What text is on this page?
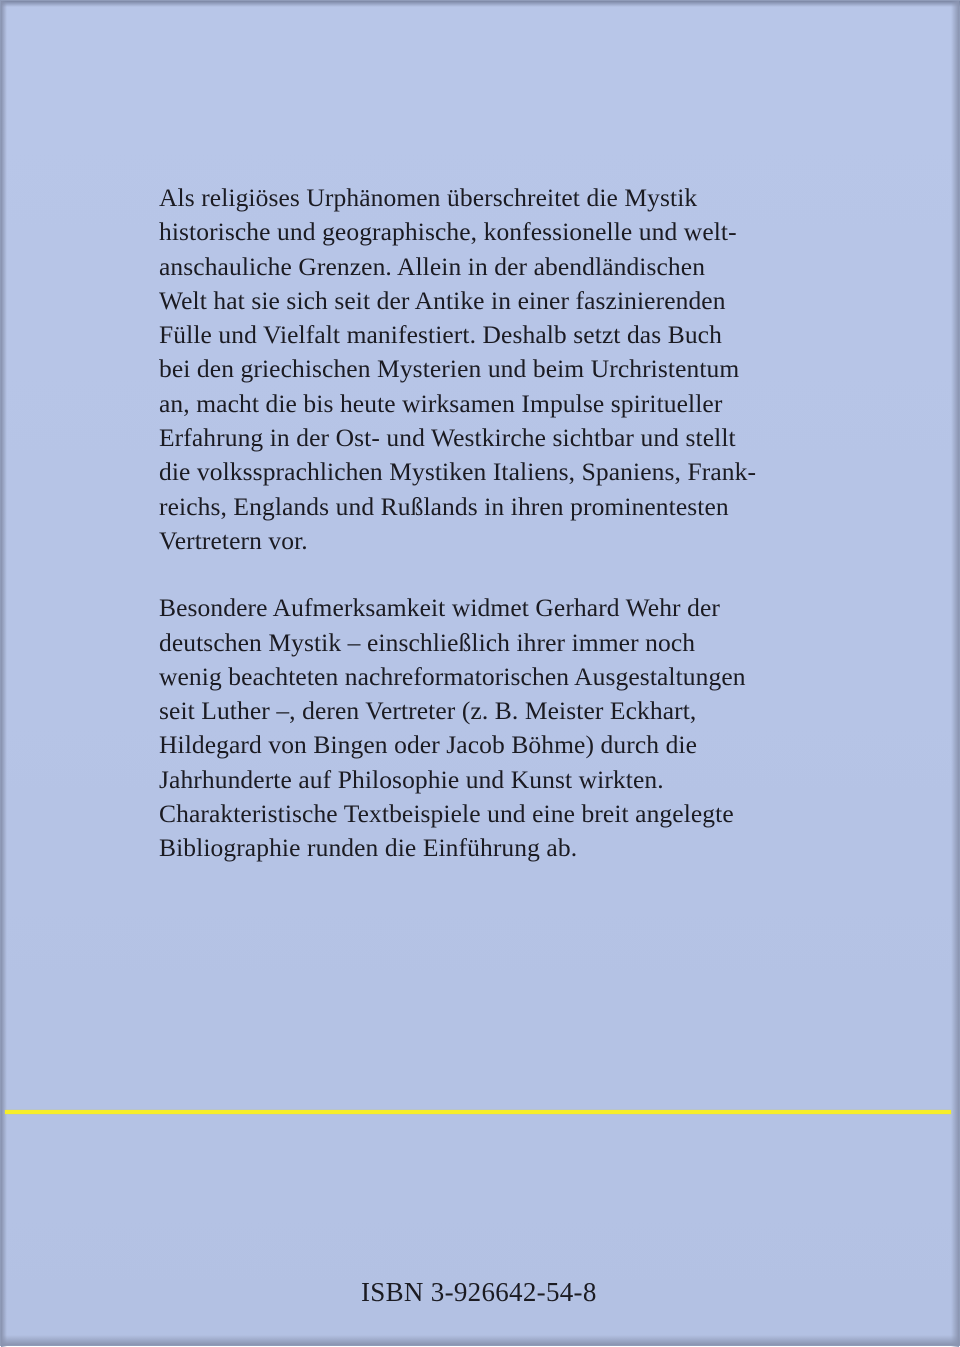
Als religiöses Urphänomen überschreitet die Mystik
historische und geographische, konfessionelle und welt-
anschauliche Grenzen. Allein in der abendländischen
Welt hat sie sich seit der Antike in einer faszinierenden
Fülle und Vielfalt manifestiert. Deshalb setzt das Buch
bei den griechischen Mysterien und beim Urchristentum
an, macht die bis heute wirksamen Impulse spiritueller
Erfahrung in der Ost- und Westkirche sichtbar und stellt
die volkssprachlichen Mystiken Italiens, Spaniens, Frank-
reichs, Englands und Rußlands in ihren prominentesten
Vertretern vor.

Besondere Aufmerksamkeit widmet Gerhard Wehr der
deutschen Mystik – einschließlich ihrer immer noch
wenig beachteten nachreformatorischen Ausgestaltungen
seit Luther –, deren Vertreter (z. B. Meister Eckhart,
Hildegard von Bingen oder Jacob Böhme) durch die
Jahrhunderte auf Philosophie und Kunst wirkten.
Charakteristische Textbeispiele und eine breit angelegte
Bibliographie runden die Einführung ab.

ISBN 3-926642-54-8
